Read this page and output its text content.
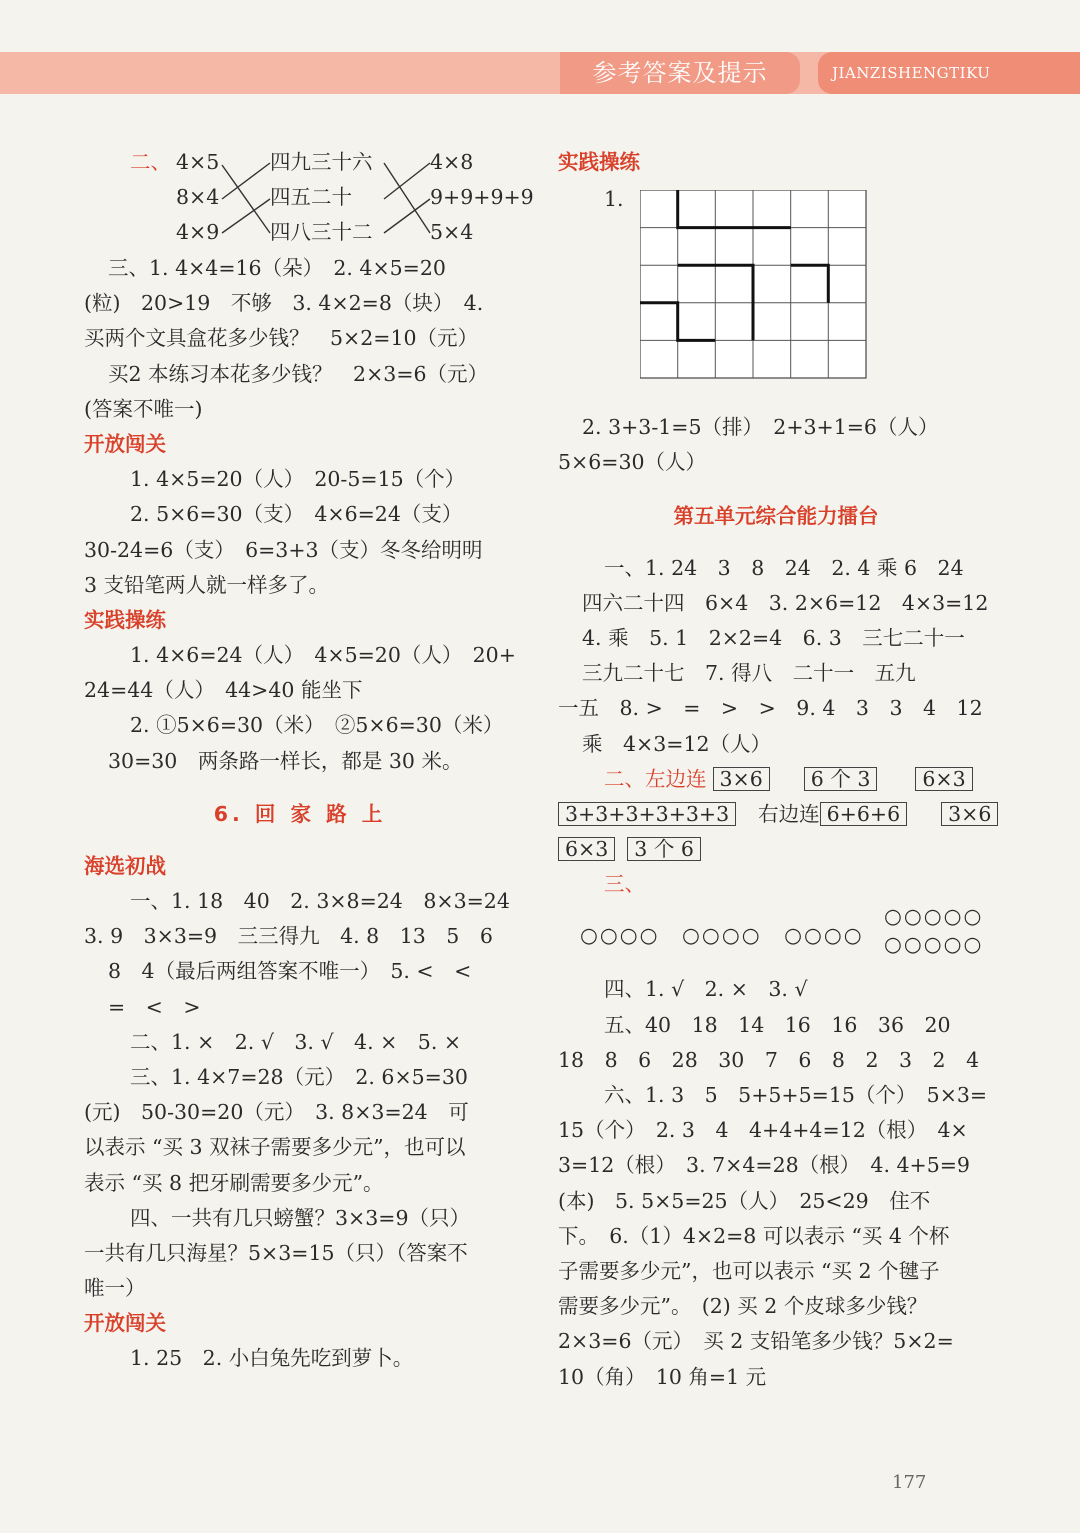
参考答案及提示	JIANZISHENGTIKU
二、 4×5
8×4
4×9
四九三十六
四五二十
四八三十二
4×8
9+9+9+9
5×4
三、1. 4×4=16（朵）　2. 4×5=20
(粒)　20>19　不够　3. 4×2=8（块）　4.
买两个文具盒花多少钱？　5×2=10（元）
买2 本练习本花多少钱？　2×3=6（元）
(答案不唯一)
开放闯关
1. 4×5=20（人）　20-5=15（个）
2. 5×6=30（支）　4×6=24（支）
30-24=6（支）　6=3+3（支）冬冬给明明
3 支铅笔两人就一样多了。
实践操练
1. 4×6=24（人）　4×5=20（人）　20+
24=44（人）　44>40 能坐下
2. ①5×6=30（米）　②5×6=30（米）
30=30　两条路一样长，都是 30 米。
6. 回 家 路 上
海选初战
一、1. 18　40　2. 3×8=24　8×3=24
3. 9　3×3=9　三三得九　4. 8　13　5　6
8　4（最后两组答案不唯一）　5. <　<
=　<　>
二、1. ×　2. √　3. √　4. ×　5. ×
三、1. 4×7=28（元）　2. 6×5=30
(元)　50-30=20（元）　3. 8×3=24　可
以表示 “买 3 双袜子需要多少元”，也可以
表示 “买 8 把牙刷需要多少元”。
四、一共有几只螃蟹？3×3=9（只）
一共有几只海星？5×3=15（只）（答案不
唯一）
开放闯关
1. 25　2. 小白兔先吃到萝卜。
实践操练
1.
2. 3+3-1=5（排）　2+3+1=6（人）
5×6=30（人）
第五单元综合能力擂台
一、1. 24　3　8　24　2. 4 乘 6　24
四六二十四　6×4　3. 2×6=12　4×3=12
4. 乘　5. 1　2×2=4　6. 3　三七二十一
三九二十七　7. 得八　二十一　五九
一五　8. >　=　>　>　9. 4　3　3　4　12
乘　4×3=12（人）
二、左边连 3×6 6 个 3	6×3
3+3+3+3+3+3 右边连 6+6+6 3×6
6×3 3 个 6
三、
○○○○　○○○○　○○○○
○○○○○
○○○○○
四、1. √　2. ×　3. √
五、40　18　14　16　16　36　20
18　8　6　28　30　7　6　8　2　3　2　4
六、1. 3　5　5+5+5=15（个）　5×3=
15（个）　2. 3　4　4+4+4=12（根）　4×
3=12（根）　3. 7×4=28（根）　4. 4+5=9
(本)　5. 5×5=25（人）　25<29　住不
下。　6.（1）4×2=8 可以表示 “买 4 个杯
子需要多少元”，也可以表示 “买 2 个毽子
需要多少元”。　(2) 买 2 个皮球多少钱？
2×3=6（元）　买 2 支铅笔多少钱？5×2=
10（角）　10 角=1 元
177
